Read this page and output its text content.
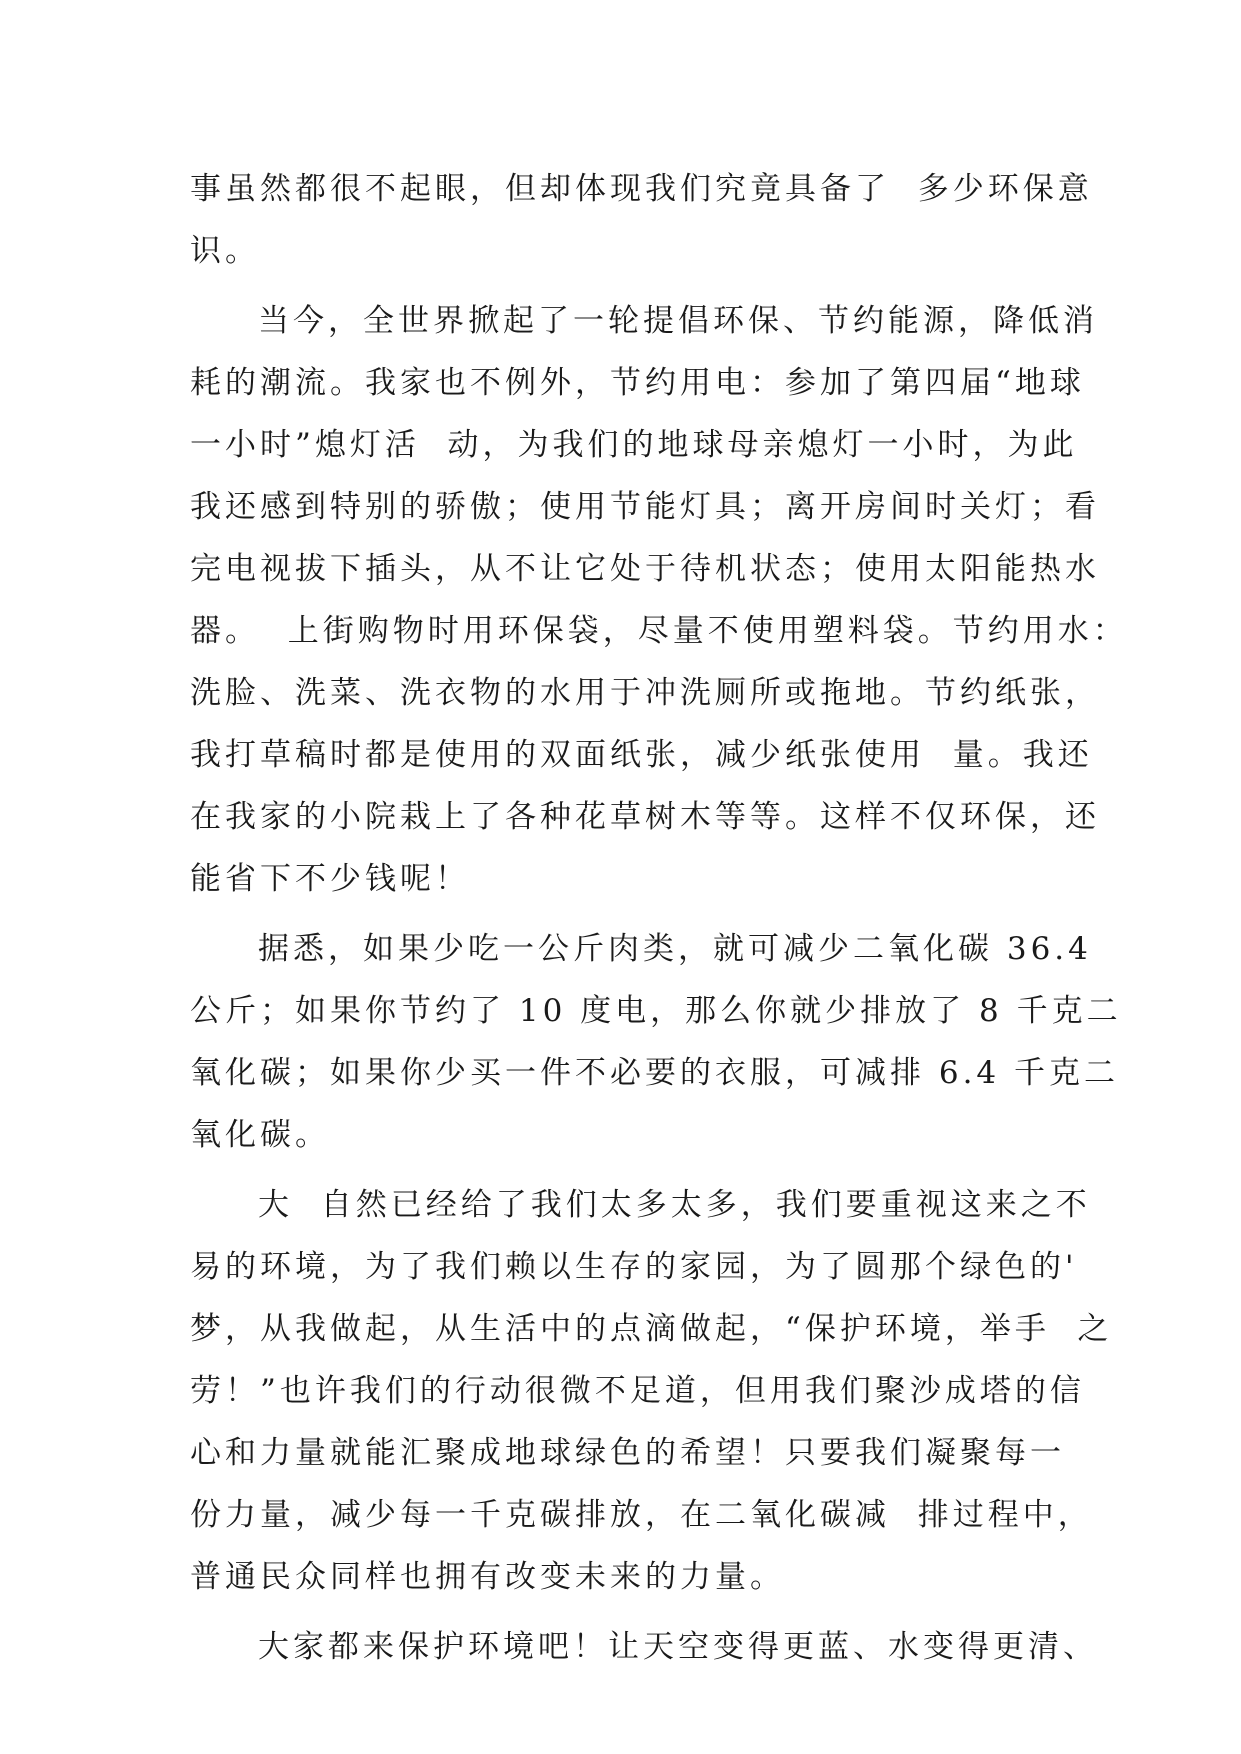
事虽然都很不起眼，但却体现我们究竟具备了  多少环保意
识。
当今，全世界掀起了一轮提倡环保、节约能源，降低消
耗的潮流。我家也不例外，节约用电：参加了第四届“地球
一小时”熄灯活  动，为我们的地球母亲熄灯一小时，为此
我还感到特别的骄傲；使用节能灯具；离开房间时关灯；看
完电视拔下插头，从不让它处于待机状态；使用太阳能热水
器。  上街购物时用环保袋，尽量不使用塑料袋。节约用水：
洗脸、洗菜、洗衣物的水用于冲洗厕所或拖地。节约纸张，
我打草稿时都是使用的双面纸张，减少纸张使用  量。我还
在我家的小院栽上了各种花草树木等等。这样不仅环保，还
能省下不少钱呢！
据悉，如果少吃一公斤肉类，就可减少二氧化碳 36.4
公斤；如果你节约了 10 度电，那么你就少排放了 8 千克二
氧化碳；如果你少买一件不必要的衣服，可减排 6.4 千克二
氧化碳。
大  自然已经给了我们太多太多，我们要重视这来之不
易的环境，为了我们赖以生存的家园，为了圆那个绿色的'
梦，从我做起，从生活中的点滴做起，“保护环境，举手  之
劳！”也许我们的行动很微不足道，但用我们聚沙成塔的信
心和力量就能汇聚成地球绿色的希望！只要我们凝聚每一
份力量，减少每一千克碳排放，在二氧化碳减  排过程中，
普通民众同样也拥有改变未来的力量。
大家都来保护环境吧！让天空变得更蓝、水变得更清、
